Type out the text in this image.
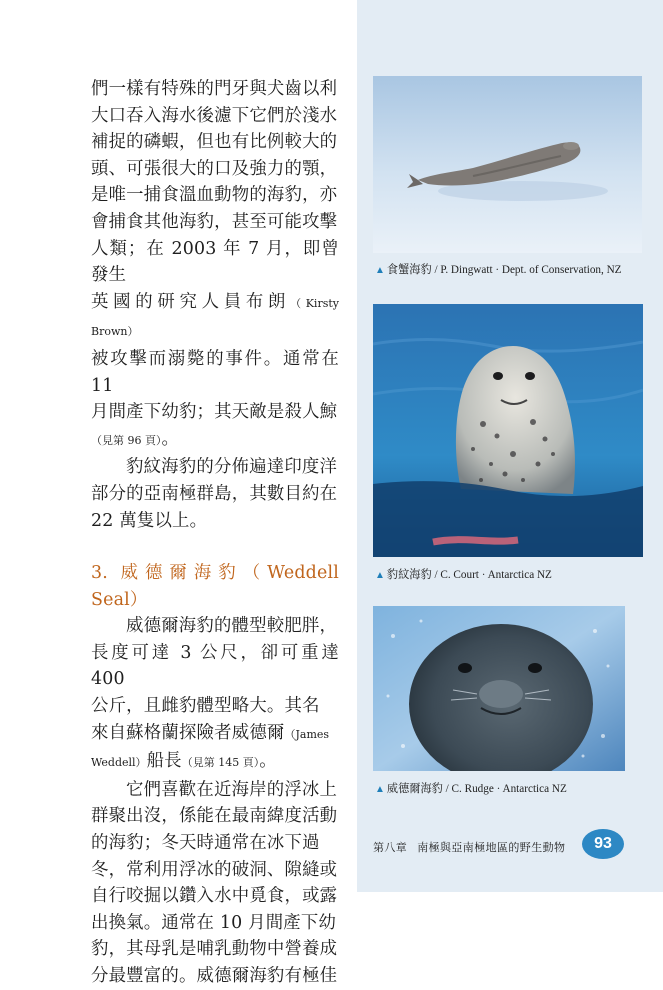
們一樣有特殊的門牙與犬齒以利
大口吞入海水後濾下它們於淺水
補捉的磷蝦，但也有比例較大的
頭、可張很大的口及強力的顎，
是唯一捕食溫血動物的海豹，亦
會捕食其他海豹，甚至可能攻擊
人類；在 2003 年 7 月，即曾發生
英國的研究人員布朗（Kirsty Brown）
被攻擊而溺斃的事件。通常在 11
月間產下幼豹；其天敵是殺人鯨
（見第 96 頁）。

豹紋海豹的分佈遍達印度洋
部分的亞南極群島，其數目約在
22 萬隻以上。

3. 威德爾海豹（Weddell Seal）

威德爾海豹的體型較肥胖，
長度可達 3 公尺，卻可重達 400
公斤，且雌豹體型略大。其名
來自蘇格蘭探險者威德爾（James
Weddell）船長（見第 145 頁）。

它們喜歡在近海岸的浮冰上
群聚出沒，係能在最南緯度活動
的海豹；冬天時通常在冰下過
冬，常利用浮冰的破洞、隙縫或
自行咬掘以鑽入水中覓食，或露
出換氣。通常在 10 月間產下幼
豹，其母乳是哺乳動物中營養成
分最豐富的。威德爾海豹有極佳

▲ 食蟹海豹 / P. Dingwatt · Dept. of Conservation, NZ
▲ 豹紋海豹 / C. Court · Antarctica NZ
▲ 威德爾海豹 / C. Rudge · Antarctica NZ
第八章 南極與亞南極地區的野生動物	93
